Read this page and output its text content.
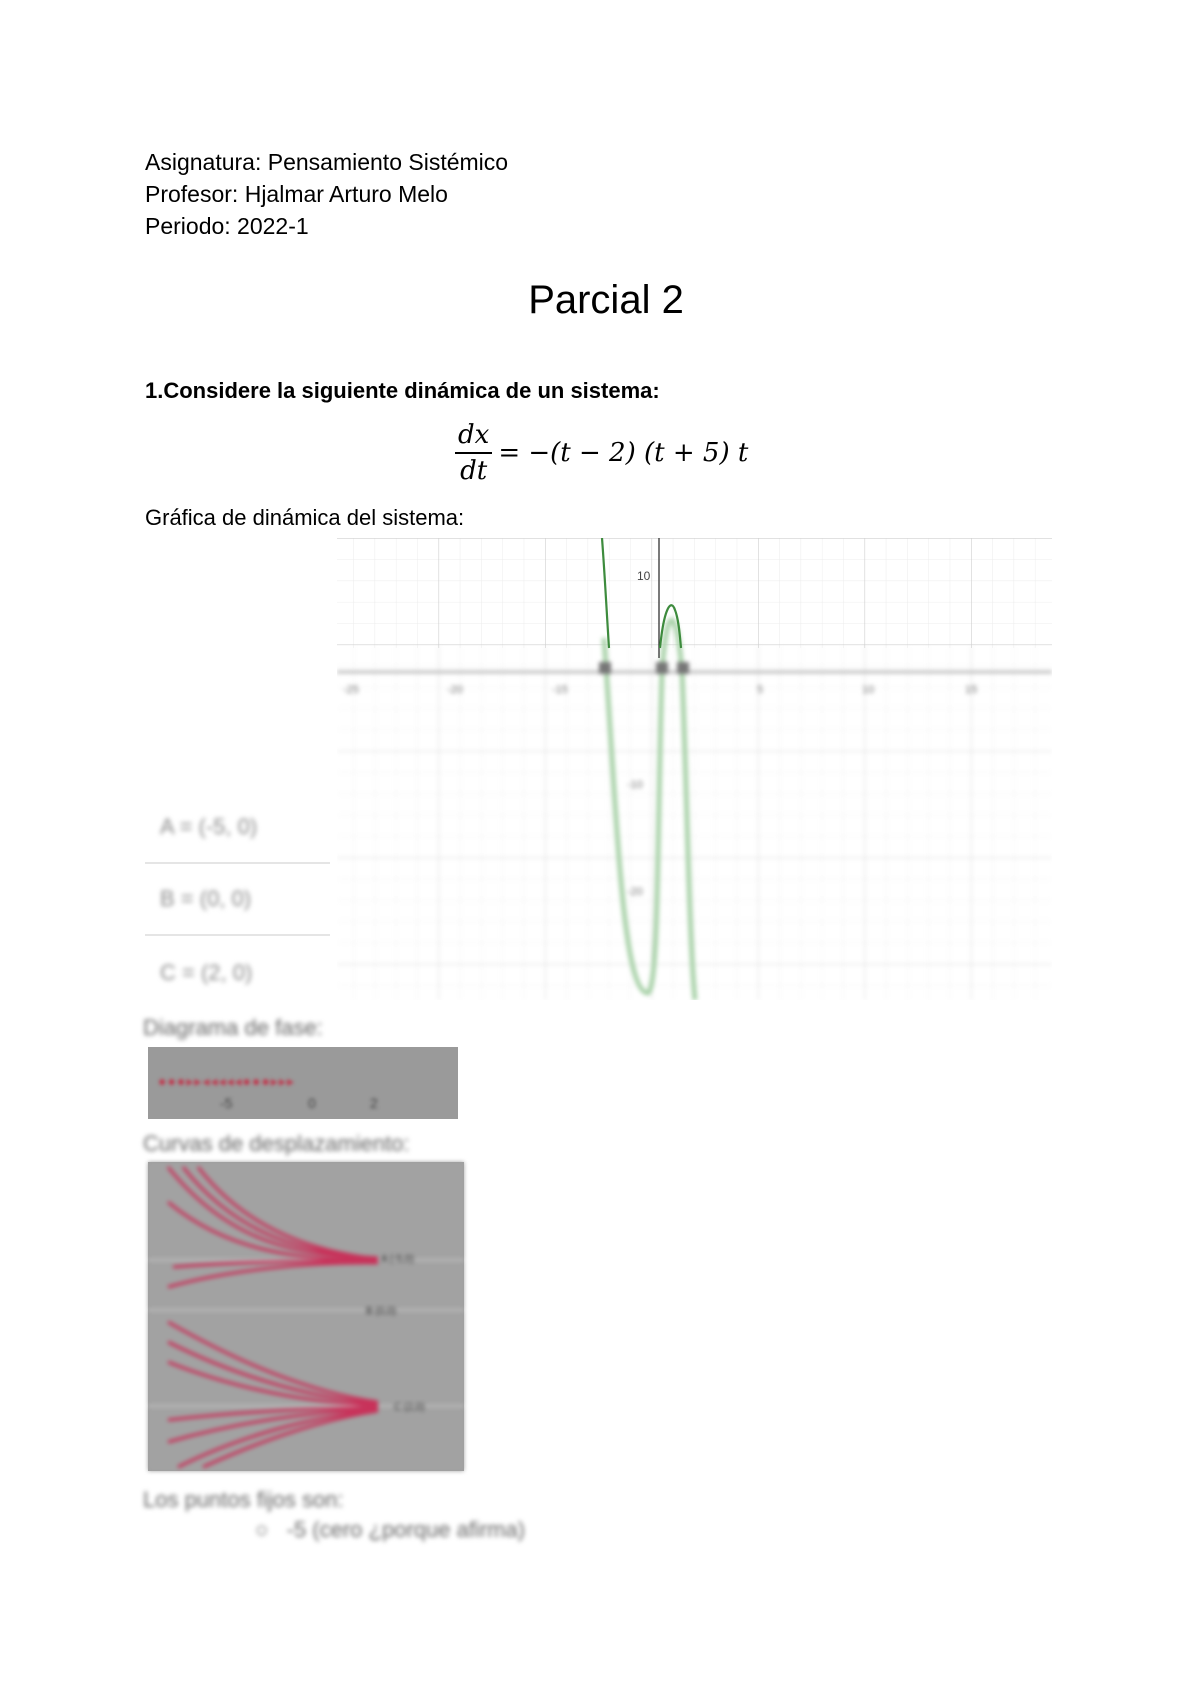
Asignatura: Pensamiento Sistémico
Profesor: Hjalmar Arturo Melo
Periodo: 2022-1
Parcial 2
1.Considere la siguiente dinámica de un sistema:
$\frac{dx}{dt} = -(t - 2) (t + 5)$ t
Gráfica de dinámica del sistema:
-25	-20	-15	5	10	15
-10
-20
10
A = (-5, 0)
B = (0, 0)
C = (2, 0)
Diagrama de fase:
●●●▸▸◂◂◂◂◂●●●▸▸▸
-5	0	2
Curvas de desplazamiento:
A (-5,0)
B (0,0)
C (2,0)
Los puntos fijos son:
○   -5 (cero ¿porque afirma)
